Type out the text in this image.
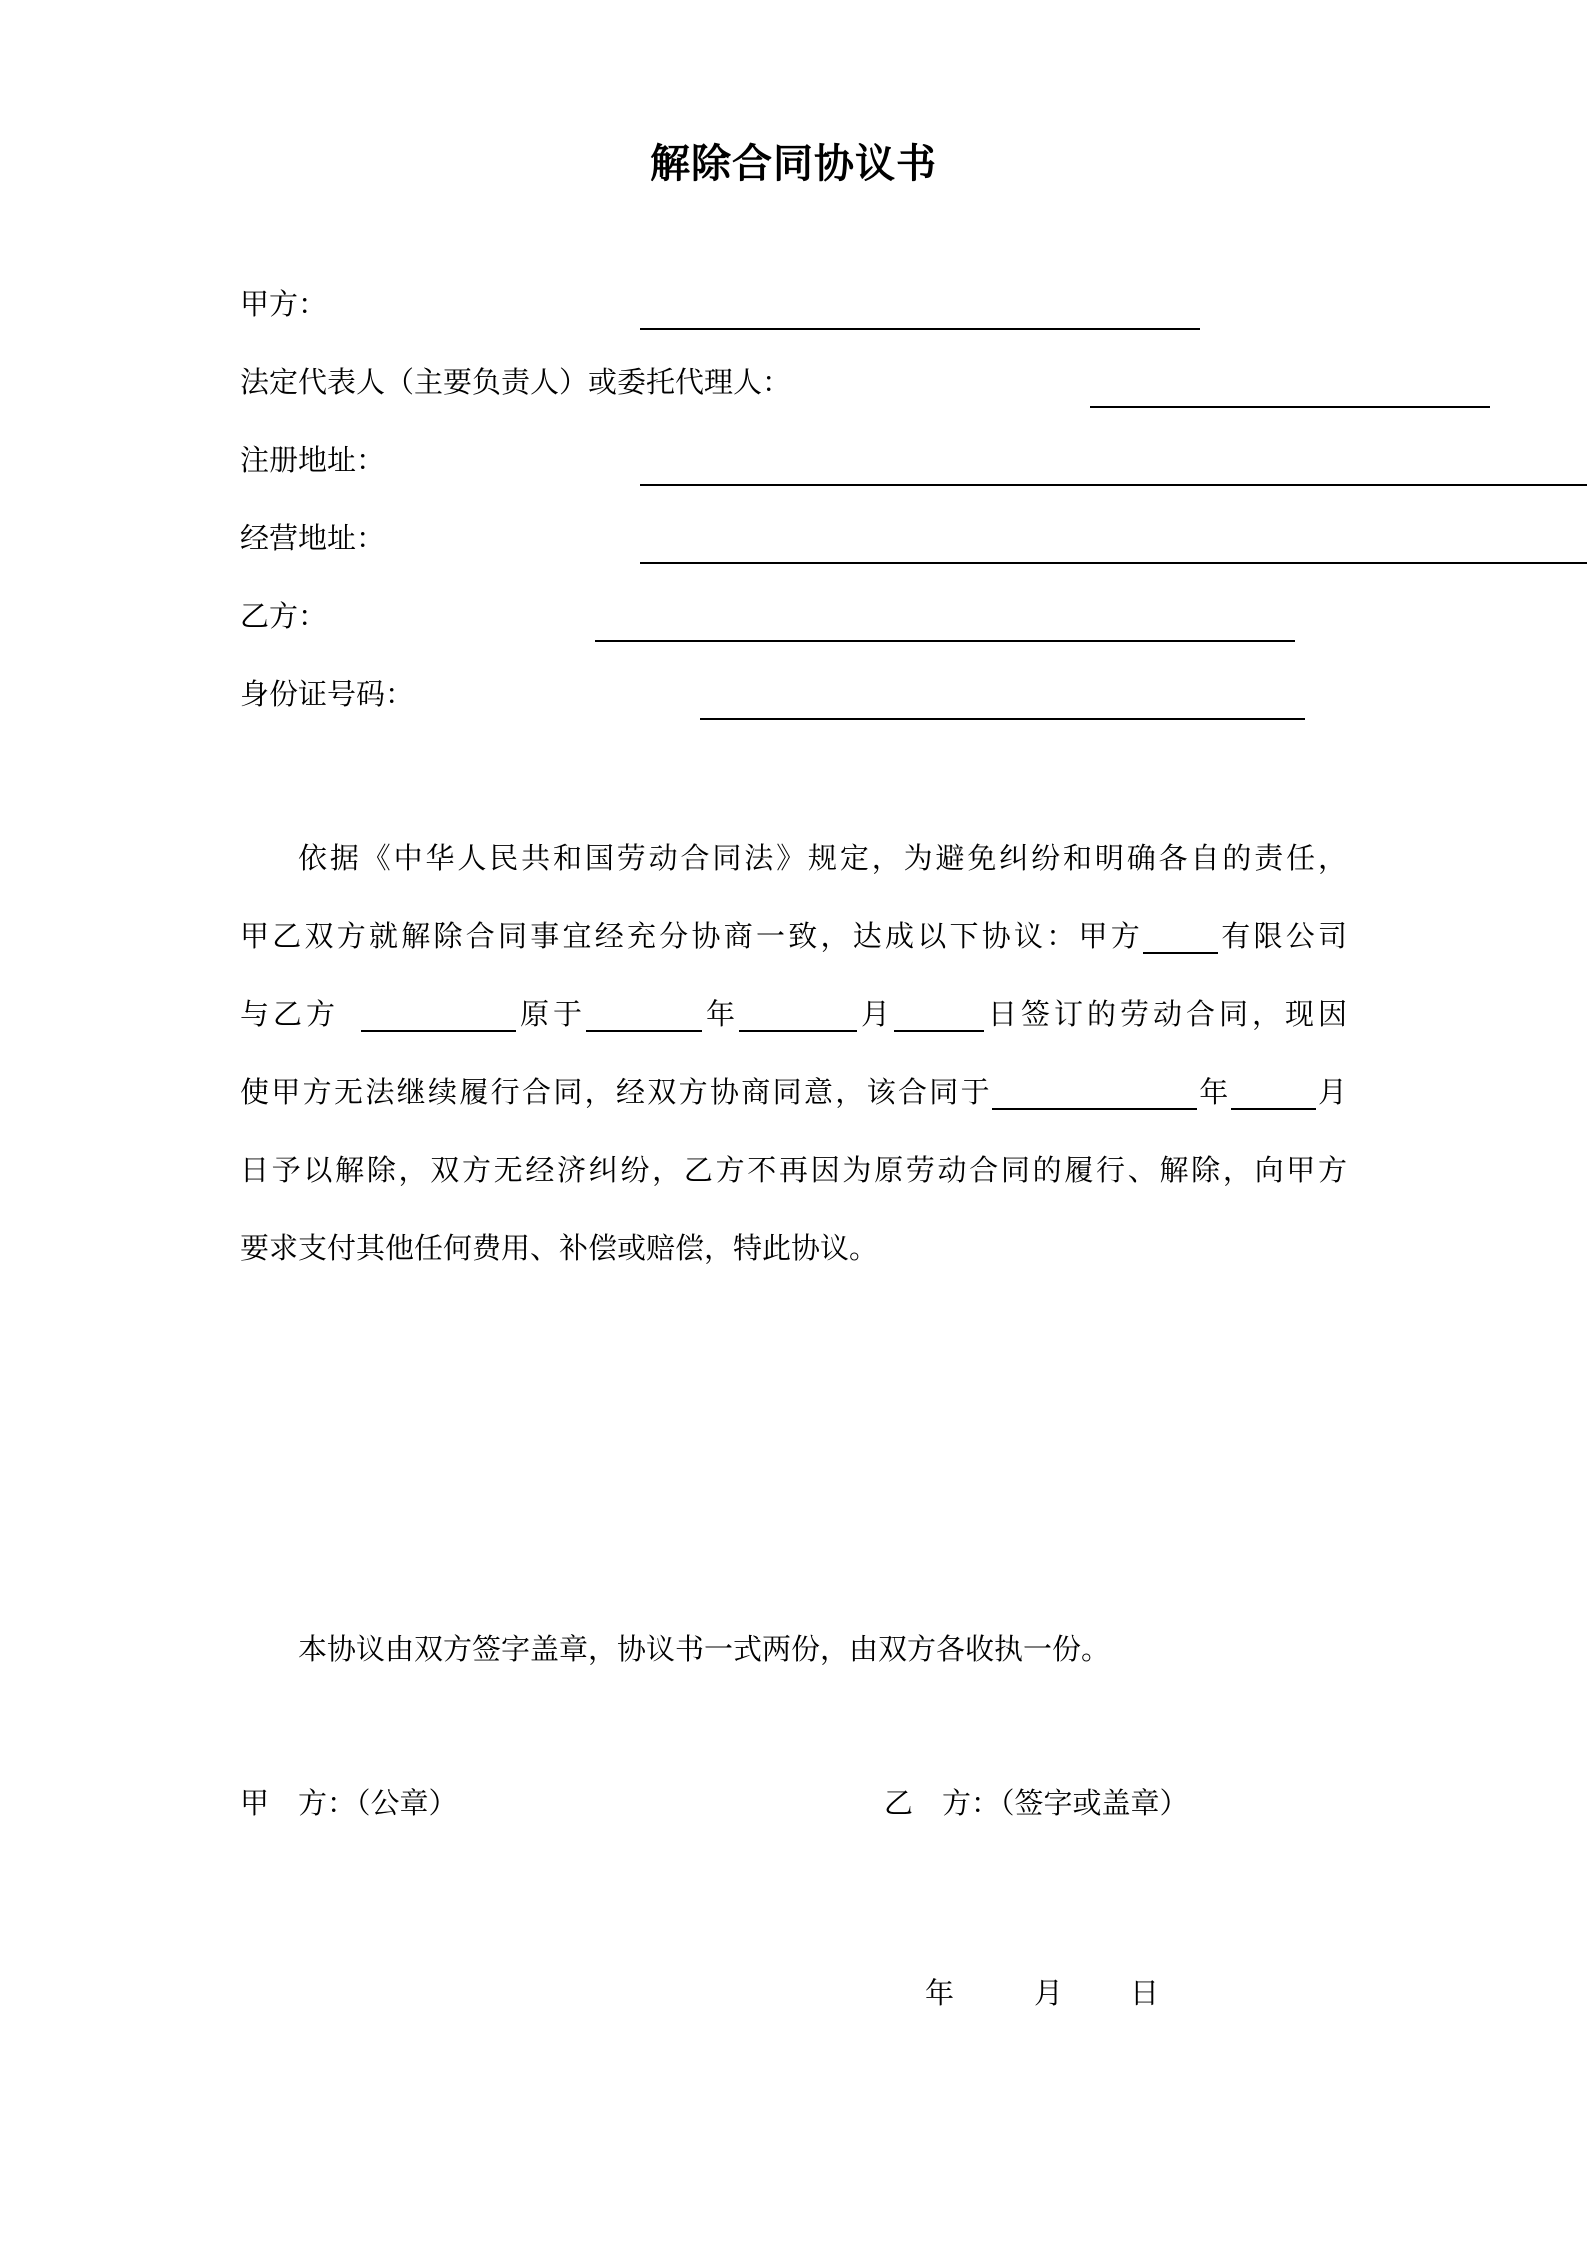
解除合同协议书
甲方：
法定代表人（主要负责人）或委托代理人：
注册地址：
经营地址：
乙方：
身份证号码：
依据《中华人民共和国劳动合同法》规定，为避免纠纷和明确各自的责任，
甲乙双方就解除合同事宜经充分协商一致，达成以下协议：甲方	有限公司
与乙方	原于	年	月	日签订的劳动合同，现因
使甲方无法继续履行合同，经双方协商同意，该合同于	年	月
日予以解除，双方无经济纠纷，乙方不再因为原劳动合同的履行、解除，向甲方
要求支付其他任何费用、补偿或赔偿，特此协议。
本协议由双方签字盖章，协议书一式两份，由双方各收执一份。
甲　方：（公章）	乙　方：（签字或盖章）
年	月 日
